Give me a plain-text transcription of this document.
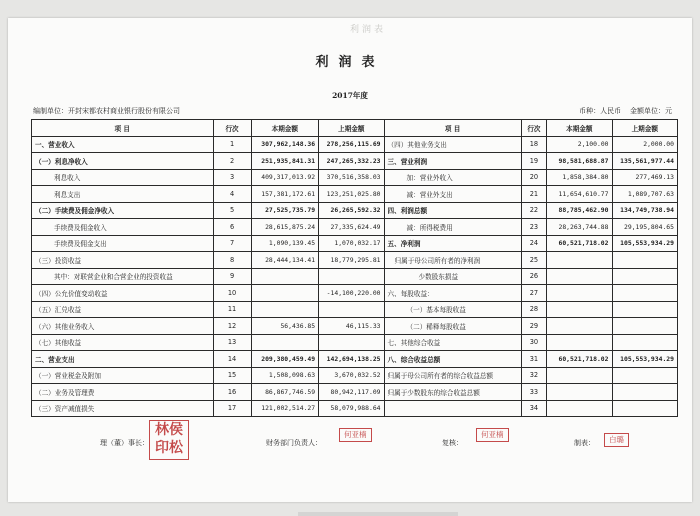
利润表
利润表
2017年度
编制单位：开封宋都农村商业银行股份有限公司	币种：人民币 金额单位：元
项 目	行次	本期金额	上期金额	项 目	行次	本期金额	上期金额
一、营业收入	1	307,962,148.36	278,256,115.69	（四）其他业务支出	18	2,100.00	2,000.00
（一）利息净收入	2	251,935,841.31	247,265,332.23	三、营业利润	19	98,581,688.87	135,561,977.44
利息收入	3	409,317,013.92	370,516,358.03	加：营业外收入	20	1,858,384.80	277,469.13
利息支出	4	157,381,172.61	123,251,025.80	减：营业外支出	21	11,654,610.77	1,089,707.63
（二）手续费及佣金净收入	5	27,525,735.79	26,265,592.32	四、利润总额	22	88,785,462.90	134,749,738.94
手续费及佣金收入	6	28,615,875.24	27,335,624.49	减：所得税费用	23	28,263,744.88	29,195,804.65
手续费及佣金支出	7	1,090,139.45	1,070,032.17	五、净利润	24	60,521,718.02	105,553,934.29
（三）投资收益	8	28,444,134.41	18,779,295.81	归属于母公司所有者的净利润	25		
其中：对联营企业和合营企业的投资收益	9			少数股东损益	26		
（四）公允价值变动收益	10		-14,100,220.00	六、每股收益：	27		
（五）汇兑收益	11			（一）基本每股收益	28		
（六）其他业务收入	12	56,436.85	46,115.33	（二）稀释每股收益	29		
（七）其他收益	13			七、其他综合收益	30		
二、营业支出	14	209,380,459.49	142,694,138.25	八、综合收益总额	31	60,521,718.02	105,553,934.29
（一）营业税金及附加	15	1,508,098.63	3,670,032.52	归属于母公司所有者的综合收益总额	32		
（二）业务及管理费	16	86,867,746.59	80,942,117.09	归属于少数股东的综合收益总额	33		
（三）资产减值损失	17	121,002,514.27	58,079,988.64		34		
理（董）事长：
林侯
印松	财务部门负责人：
何亚楠
复核：
何亚楠
制表：	白璐
